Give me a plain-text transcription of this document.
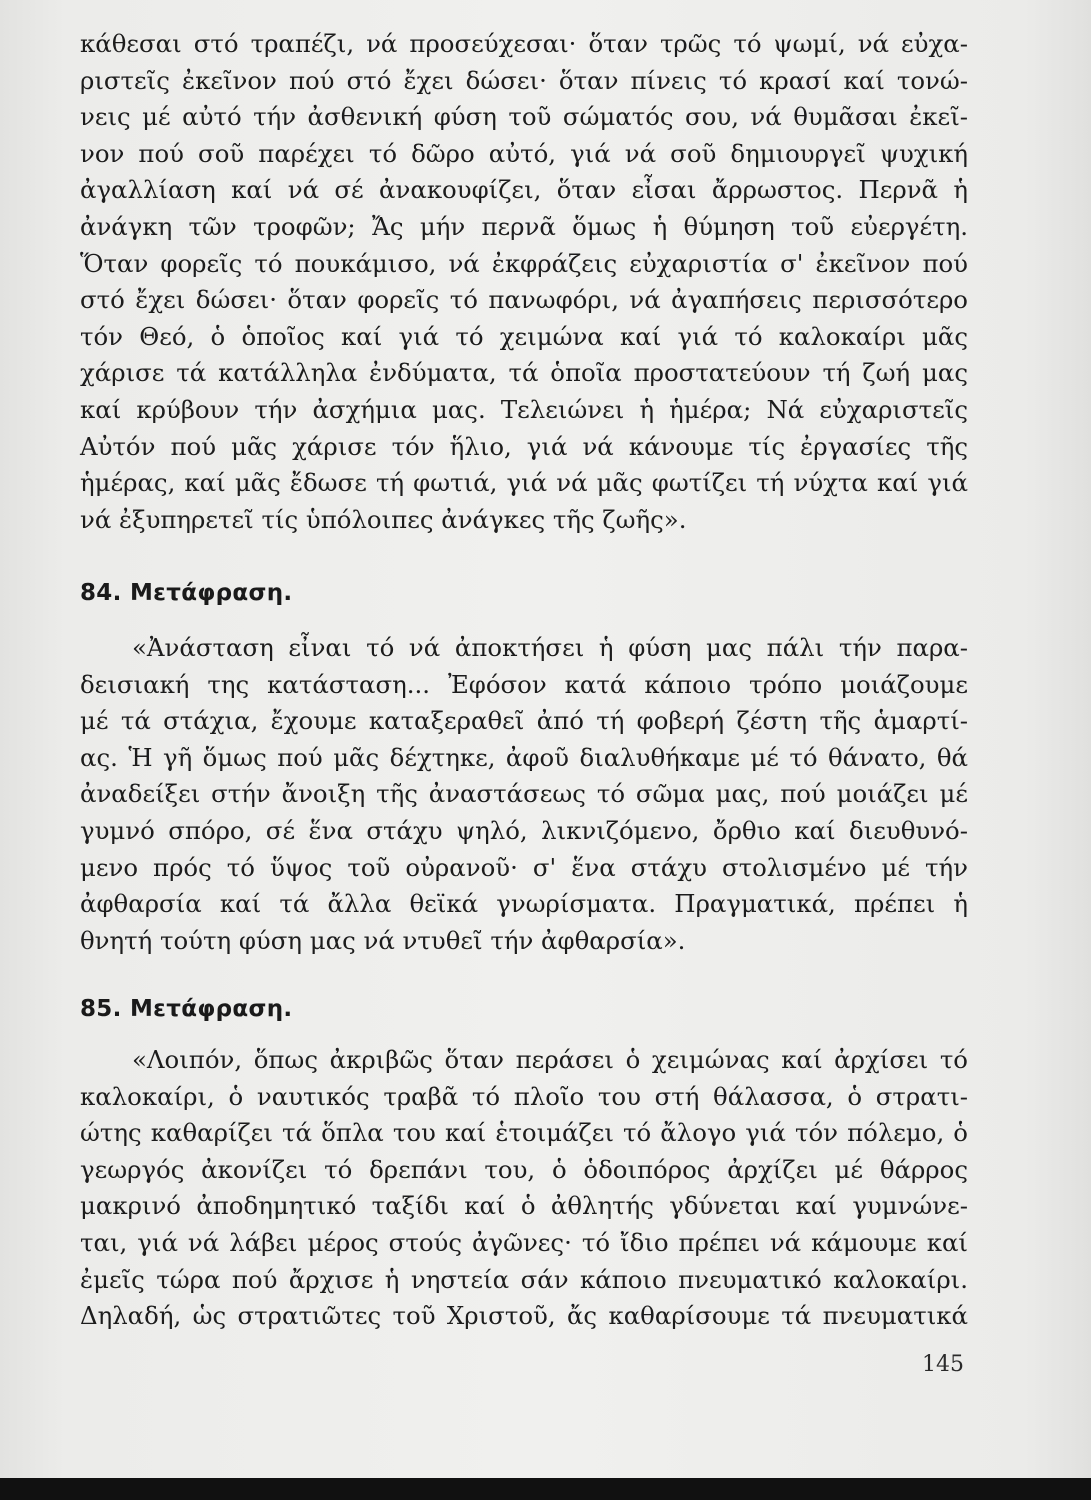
κάθεσαι στό τραπέζι, νά προσεύχεσαι· ὅταν τρῶς τό ψωμί, νά εὐχα-
ριστεῖς ἐκεῖνον πού στό ἔχει δώσει· ὅταν πίνεις τό κρασί καί τονώ-
νεις μέ αὐτό τήν ἀσθενική φύση τοῦ σώματός σου, νά θυμᾶσαι ἐκεῖ-
νον πού σοῦ παρέχει τό δῶρο αὐτό, γιά νά σοῦ δημιουργεῖ ψυχική
ἀγαλλίαση καί νά σέ ἀνακουφίζει, ὅταν εἶσαι ἄρρωστος. Περνᾶ ἡ
ἀνάγκη τῶν τροφῶν; Ἄς μήν περνᾶ ὅμως ἡ θύμηση τοῦ εὐεργέτη.
Ὅταν φορεῖς τό πουκάμισο, νά ἐκφράζεις εὐχαριστία σ' ἐκεῖνον πού
στό ἔχει δώσει· ὅταν φορεῖς τό πανωφόρι, νά ἀγαπήσεις περισσότερο
τόν Θεό, ὁ ὁποῖος καί γιά τό χειμώνα καί γιά τό καλοκαίρι μᾶς
χάρισε τά κατάλληλα ἐνδύματα, τά ὁποῖα προστατεύουν τή ζωή μας
καί κρύβουν τήν ἀσχήμια μας. Τελειώνει ἡ ἡμέρα; Νά εὐχαριστεῖς
Αὐτόν πού μᾶς χάρισε τόν ἥλιο, γιά νά κάνουμε τίς ἐργασίες τῆς
ἡμέρας, καί μᾶς ἔδωσε τή φωτιά, γιά νά μᾶς φωτίζει τή νύχτα καί γιά
νά ἐξυπηρετεῖ τίς ὑπόλοιπες ἀνάγκες τῆς ζωῆς».
84. Μετάφραση.
«Ἀνάσταση εἶναι τό νά ἀποκτήσει ἡ φύση μας πάλι τήν παρα-
δεισιακή της κατάσταση... Ἐφόσον κατά κάποιο τρόπο μοιάζουμε
μέ τά στάχια, ἔχουμε καταξεραθεῖ ἀπό τή φοβερή ζέστη τῆς ἁμαρτί-
ας. Ἡ γῆ ὅμως πού μᾶς δέχτηκε, ἀφοῦ διαλυθήκαμε μέ τό θάνατο, θά
ἀναδείξει στήν ἄνοιξη τῆς ἀναστάσεως τό σῶμα μας, πού μοιάζει μέ
γυμνό σπόρο, σέ ἕνα στάχυ ψηλό, λικνιζόμενο, ὄρθιο καί διευθυνό-
μενο πρός τό ὕψος τοῦ οὐρανοῦ· σ' ἕνα στάχυ στολισμένο μέ τήν
ἀφθαρσία καί τά ἄλλα θεϊκά γνωρίσματα. Πραγματικά, πρέπει ἡ
θνητή τούτη φύση μας νά ντυθεῖ τήν ἀφθαρσία».
85. Μετάφραση.
«Λοιπόν, ὅπως ἀκριβῶς ὅταν περάσει ὁ χειμώνας καί ἀρχίσει τό
καλοκαίρι, ὁ ναυτικός τραβᾶ τό πλοῖο του στή θάλασσα, ὁ στρατι-
ώτης καθαρίζει τά ὅπλα του καί ἑτοιμάζει τό ἄλογο γιά τόν πόλεμο, ὁ
γεωργός ἀκονίζει τό δρεπάνι του, ὁ ὁδοιπόρος ἀρχίζει μέ θάρρος
μακρινό ἀποδημητικό ταξίδι καί ὁ ἀθλητής γδύνεται καί γυμνώνε-
ται, γιά νά λάβει μέρος στούς ἀγῶνες· τό ἴδιο πρέπει νά κάμουμε καί
ἐμεῖς τώρα πού ἄρχισε ἡ νηστεία σάν κάποιο πνευματικό καλοκαίρι.
Δηλαδή, ὡς στρατιῶτες τοῦ Χριστοῦ, ἄς καθαρίσουμε τά πνευματικά
145
